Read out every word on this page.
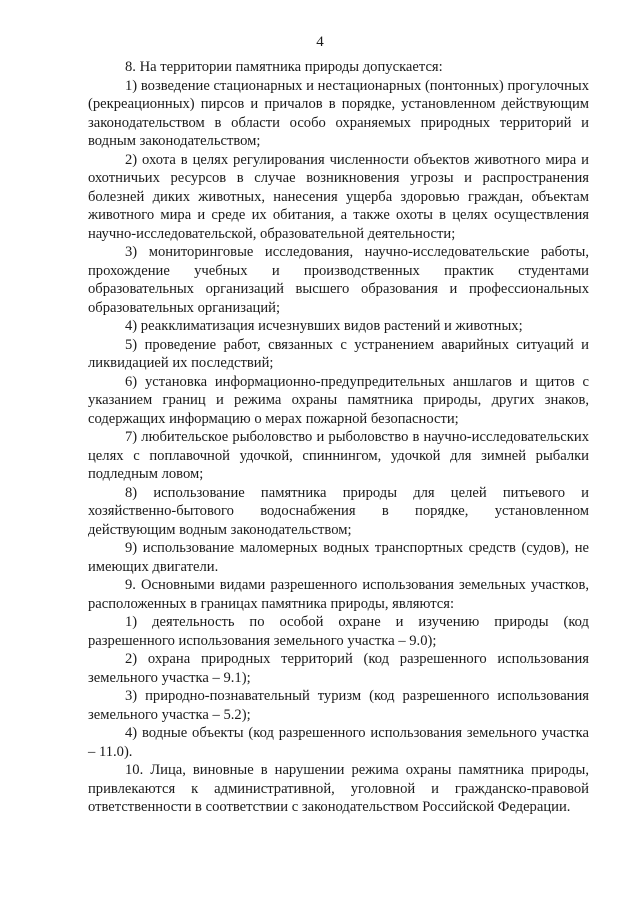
4

8. На территории памятника природы допускается:

1) возведение стационарных и нестационарных (понтонных) прогулочных (рекреационных) пирсов и причалов в порядке, установленном действующим законодательством в области особо охраняемых природных территорий и водным законодательством;

2) охота в целях регулирования численности объектов животного мира и охотничьих ресурсов в случае возникновения угрозы и распространения болезней диких животных, нанесения ущерба здоровью граждан, объектам животного мира и среде их обитания, а также охоты в целях осуществления научно-исследовательской, образовательной деятельности;

3) мониторинговые исследования, научно-исследовательские работы, прохождение учебных и производственных практик студентами образовательных организаций высшего образования и профессиональных образовательных организаций;

4) реакклиматизация исчезнувших видов растений и животных;

5) проведение работ, связанных с устранением аварийных ситуаций и ликвидацией их последствий;

6) установка информационно-предупредительных аншлагов и щитов с указанием границ и режима охраны памятника природы, других знаков, содержащих информацию о мерах пожарной безопасности;

7) любительское рыболовство и рыболовство в научно-исследовательских целях с поплавочной удочкой, спиннингом, удочкой для зимней рыбалки подледным ловом;

8) использование памятника природы для целей питьевого и хозяйственно-бытового водоснабжения в порядке, установленном действующим водным законодательством;

9) использование маломерных водных транспортных средств (судов), не имеющих двигатели.

9. Основными видами разрешенного использования земельных участков, расположенных в границах памятника природы, являются:

1) деятельность по особой охране и изучению природы (код разрешенного использования земельного участка – 9.0);

2) охрана природных территорий (код разрешенного использования земельного участка – 9.1);

3) природно-познавательный туризм (код разрешенного использования земельного участка – 5.2);

4) водные объекты (код разрешенного использования земельного участка – 11.0).

10. Лица, виновные в нарушении режима охраны памятника природы, привлекаются к административной, уголовной и гражданско-правовой ответственности в соответствии с законодательством Российской Федерации.
